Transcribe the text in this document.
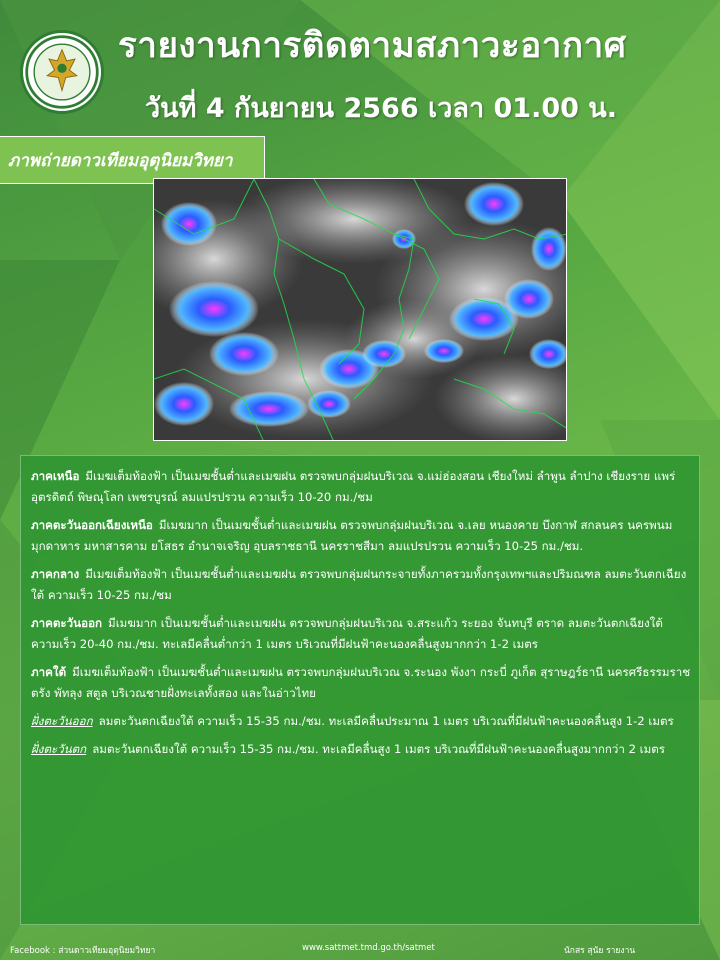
รายงานการติดตามสภาวะอากาศ
วันที่ 4 กันยายน 2566 เวลา 01.00 น.
ภาพถ่ายดาวเทียมอุตุนิยมวิทยา
ภาคเหนือ มีเมฆเต็มท้องฟ้า เป็นเมฆชั้นต่ำและเมฆฝน ตรวจพบกลุ่มฝนบริเวณ จ.แม่ฮ่องสอน เชียงใหม่ ลำพูน ลำปาง เชียงราย แพร่ อุตรดิตถ์ พิษณุโลก เพชรบูรณ์ ลมแปรปรวน ความเร็ว 10-20 กม./ชม
ภาคตะวันออกเฉียงเหนือ มีเมฆมาก เป็นเมฆชั้นต่ำและเมฆฝน ตรวจพบกลุ่มฝนบริเวณ จ.เลย หนองคาย บึงกาฬ สกลนคร นครพนม มุกดาหาร มหาสารคาม ยโสธร อำนาจเจริญ อุบลราชธานี นครราชสีมา ลมแปรปรวน ความเร็ว 10-25 กม./ชม.
ภาคกลาง มีเมฆเต็มท้องฟ้า เป็นเมฆชั้นต่ำและเมฆฝน ตรวจพบกลุ่มฝนกระจายทั้งภาครวมทั้งกรุงเทพฯและปริมณฑล ลมตะวันตกเฉียงใต้ ความเร็ว 10-25 กม./ชม
ภาคตะวันออก มีเมฆมาก เป็นเมฆชั้นต่ำและเมฆฝน ตรวจพบกลุ่มฝนบริเวณ จ.สระแก้ว ระยอง จันทบุรี ตราด ลมตะวันตกเฉียงใต้ ความเร็ว 20-40 กม./ชม. ทะเลมีคลื่นต่ำกว่า 1 เมตร บริเวณที่มีฝนฟ้าคะนองคลื่นสูงมากกว่า 1-2 เมตร
ภาคใต้ มีเมฆเต็มท้องฟ้า เป็นเมฆชั้นต่ำและเมฆฝน ตรวจพบกลุ่มฝนบริเวณ จ.ระนอง พังงา กระบี่ ภูเก็ต สุราษฎร์ธานี นครศรีธรรมราช ตรัง พัทลุง สตูล บริเวณชายฝั่งทะเลทั้งสอง และในอ่าวไทย
ฝั่งตะวันออก ลมตะวันตกเฉียงใต้ ความเร็ว 15-35 กม./ชม. ทะเลมีคลื่นประมาณ 1 เมตร บริเวณที่มีฝนฟ้าคะนองคลื่นสูง 1-2 เมตร
ฝั่งตะวันตก ลมตะวันตกเฉียงใต้ ความเร็ว 15-35 กม./ชม. ทะเลมีคลื่นสูง 1 เมตร บริเวณที่มีฝนฟ้าคะนองคลื่นสูงมากกว่า 2 เมตร
Facebook : ส่วนดาวเทียมอุตุนิยมวิทยา	www.sattmet.tmd.go.th/satmet	นักสร สุนัย รายงาน
